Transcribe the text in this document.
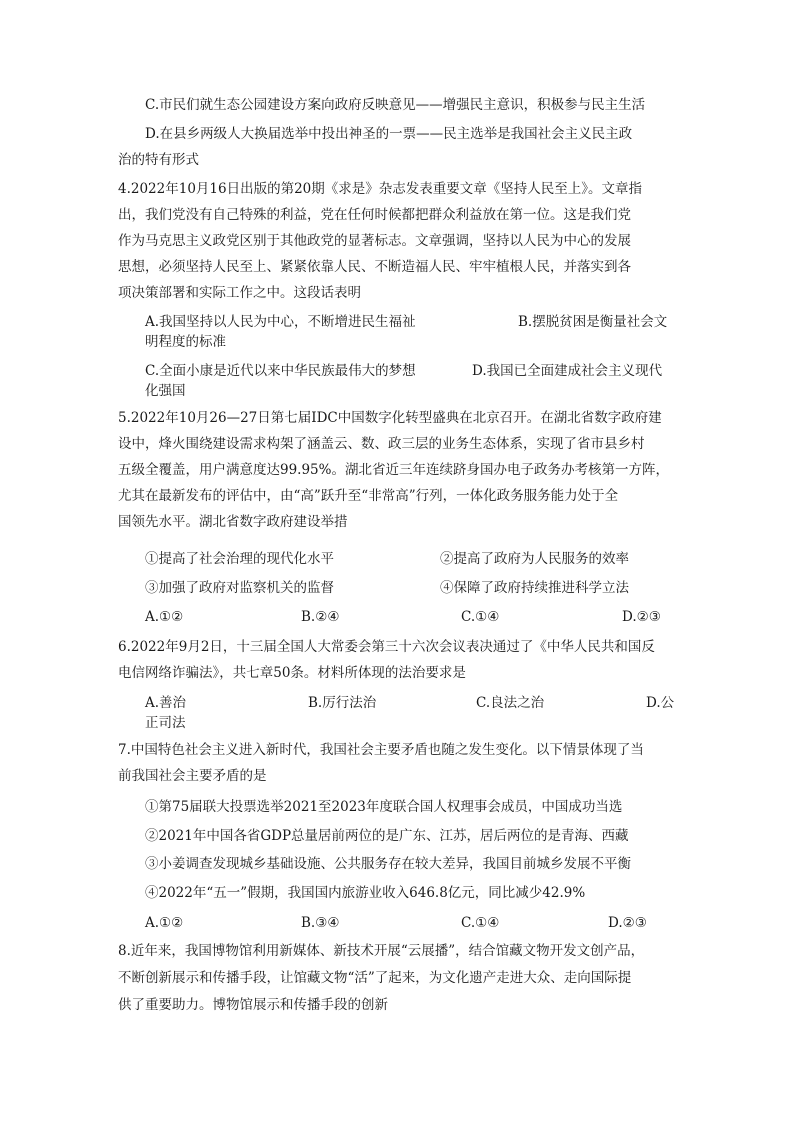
C.市民们就生态公园建设方案向政府反映意见——增强民主意识，积极参与民主生活
D.在县乡两级人大换届选举中投出神圣的一票——民主选举是我国社会主义民主政
治的特有形式
4.2022年10月16日出版的第20期《求是》杂志发表重要文章《坚持人民至上》。文章指
出，我们党没有自己特殊的利益，党在任何时候都把群众利益放在第一位。这是我们党
作为马克思主义政党区别于其他政党的显著标志。文章强调，坚持以人民为中心的发展
思想，必须坚持人民至上、紧紧依靠人民、不断造福人民、牢牢植根人民，并落实到各
项决策部署和实际工作之中。这段话表明
A.我国坚持以人民为中心，不断增进民生福祉	B.摆脱贫困是衡量社会文
明程度的标准
C.全面小康是近代以来中华民族最伟大的梦想	D.我国已全面建成社会主义现代
化强国
5.2022年10月26—27日第七届IDC中国数字化转型盛典在北京召开。在湖北省数字政府建
设中，烽火围绕建设需求构架了涵盖云、数、政三层的业务生态体系，实现了省市县乡村
五级全覆盖，用户满意度达99.95%。湖北省近三年连续跻身国办电子政务办考核第一方阵，
尤其在最新发布的评估中，由“高”跃升至“非常高”行列，一体化政务服务能力处于全
国领先水平。湖北省数字政府建设举措
①提高了社会治理的现代化水平	②提高了政府为人民服务的效率
③加强了政府对监察机关的监督	④保障了政府持续推进科学立法
A.①②	B.②④	C.①④	D.②③
6.2022年9月2日，十三届全国人大常委会第三十六次会议表决通过了《中华人民共和国反
电信网络诈骗法》，共七章50条。材料所体现的法治要求是
A.善治	B.厉行法治	C.良法之治	D.公
正司法
7.中国特色社会主义进入新时代，我国社会主要矛盾也随之发生变化。以下情景体现了当
前我国社会主要矛盾的是
①第75届联大投票选举2021至2023年度联合国人权理事会成员，中国成功当选
②2021年中国各省GDP总量居前两位的是广东、江苏，居后两位的是青海、西藏
③小姜调查发现城乡基础设施、公共服务存在较大差异，我国目前城乡发展不平衡
④2022年“五一”假期，我国国内旅游业收入646.8亿元，同比减少42.9%
A.①②	B.③④	C.①④	D.②③
8.近年来，我国博物馆利用新媒体、新技术开展“云展播”，结合馆藏文物开发文创产品，
不断创新展示和传播手段，让馆藏文物“活”了起来，为文化遗产走进大众、走向国际提
供了重要助力。博物馆展示和传播手段的创新
